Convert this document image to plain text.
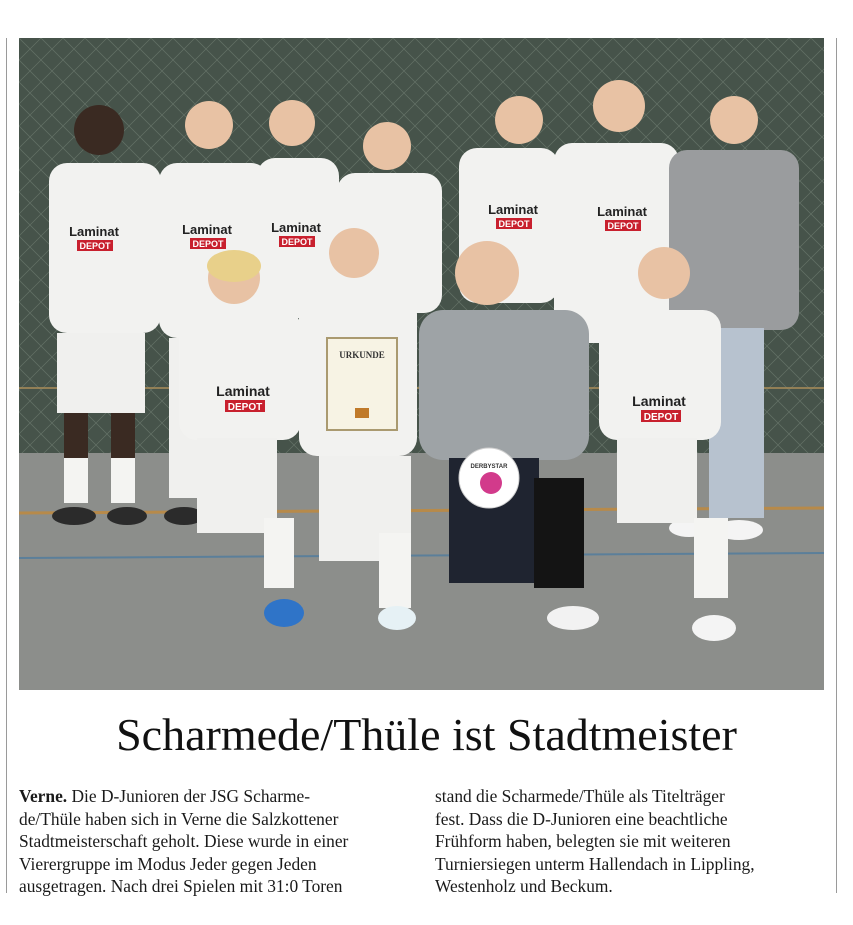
Laminat
DEPOT
Laminat
DEPOT
Laminat
DEPOT
Laminat
DEPOT
Laminat
DEPOT
URKUNDE
DERBYSTAR
Laminat
DEPOT	Laminat
DEPOT
Scharmede/Thüle ist Stadtmeister

Verne. Die D-Junioren der JSG Scharme-
de/Thüle haben sich in Verne die Salzkottener
Stadtmeisterschaft geholt. Diese wurde in einer
Vierergruppe im Modus Jeder gegen Jeden
ausgetragen. Nach drei Spielen mit 31:0 Toren

stand die Scharmede/Thüle als Titelträger
fest. Dass die D-Junioren eine beachtliche
Frühform haben, belegten sie mit weiteren
Turniersiegen unterm Hallendach in Lippling,
Westenholz und Beckum.
